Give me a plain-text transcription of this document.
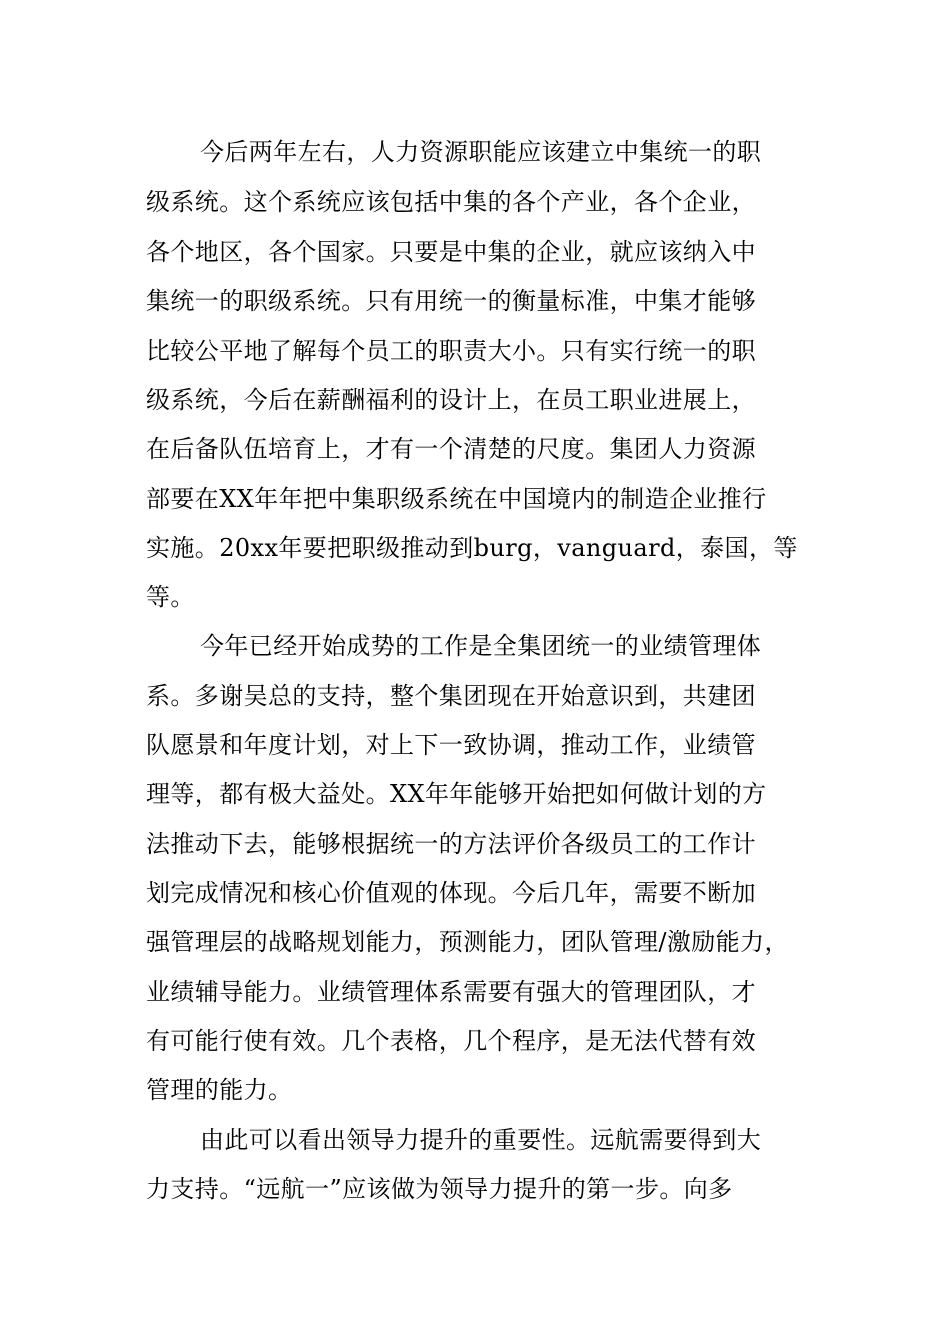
今后两年左右，人力资源职能应该建立中集统一的职
级系统。这个系统应该包括中集的各个产业，各个企业，
各个地区，各个国家。只要是中集的企业，就应该纳入中
集统一的职级系统。只有用统一的衡量标准，中集才能够
比较公平地了解每个员工的职责大小。只有实行统一的职
级系统，今后在薪酬福利的设计上，在员工职业进展上，
在后备队伍培育上，才有一个清楚的尺度。集团人力资源
部要在XX年年把中集职级系统在中国境内的制造企业推行
实施。20xx年要把职级推动到burg，vanguard，泰国，等
等。
今年已经开始成势的工作是全集团统一的业绩管理体
系。多谢吴总的支持，整个集团现在开始意识到，共建团
队愿景和年度计划，对上下一致协调，推动工作，业绩管
理等，都有极大益处。XX年年能够开始把如何做计划的方
法推动下去，能够根据统一的方法评价各级员工的工作计
划完成情况和核心价值观的体现。今后几年，需要不断加
强管理层的战略规划能力，预测能力，团队管理/激励能力，
业绩辅导能力。业绩管理体系需要有强大的管理团队，才
有可能行使有效。几个表格，几个程序，是无法代替有效
管理的能力。
由此可以看出领导力提升的重要性。远航需要得到大
力支持。“远航一”应该做为领导力提升的第一步。向多
